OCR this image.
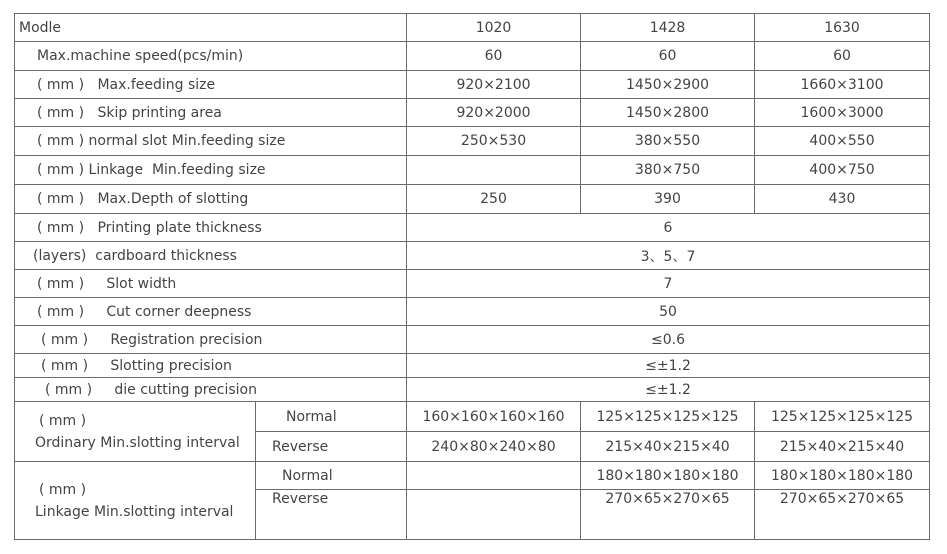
Modle		1020	1428	1630
Max.machine speed(pcs/min)		60	60	60
( mm )   Max.feeding size		920×2100	1450×2900	1660×3100
( mm )   Skip printing area		920×2000	1450×2800	1600×3000
( mm ) normal slot Min.feeding size		250×530	380×550	400×550
( mm ) Linkage  Min.feeding size			380×750	400×750
( mm )   Max.Depth of slotting		250	390	430
( mm )   Printing plate thickness		6		
(layers)  cardboard thickness		3、5、7		
( mm )     Slot width		7		
( mm )     Cut corner deepness		50		
( mm )     Registration precision		≤0.6		
( mm )     Slotting precision		≤±1.2		
( mm )     die cutting precision		≤±1.2		

( mm )
Ordinary Min.slotting interval	Normal	160×160×160×160	125×125×125×125	125×125×125×125
	Reverse	240×80×240×80	215×40×215×40	215×40×215×40

( mm )
Linkage Min.slotting interval	Normal		180×180×180×180	180×180×180×180
	Reverse		270×65×270×65	270×65×270×65
